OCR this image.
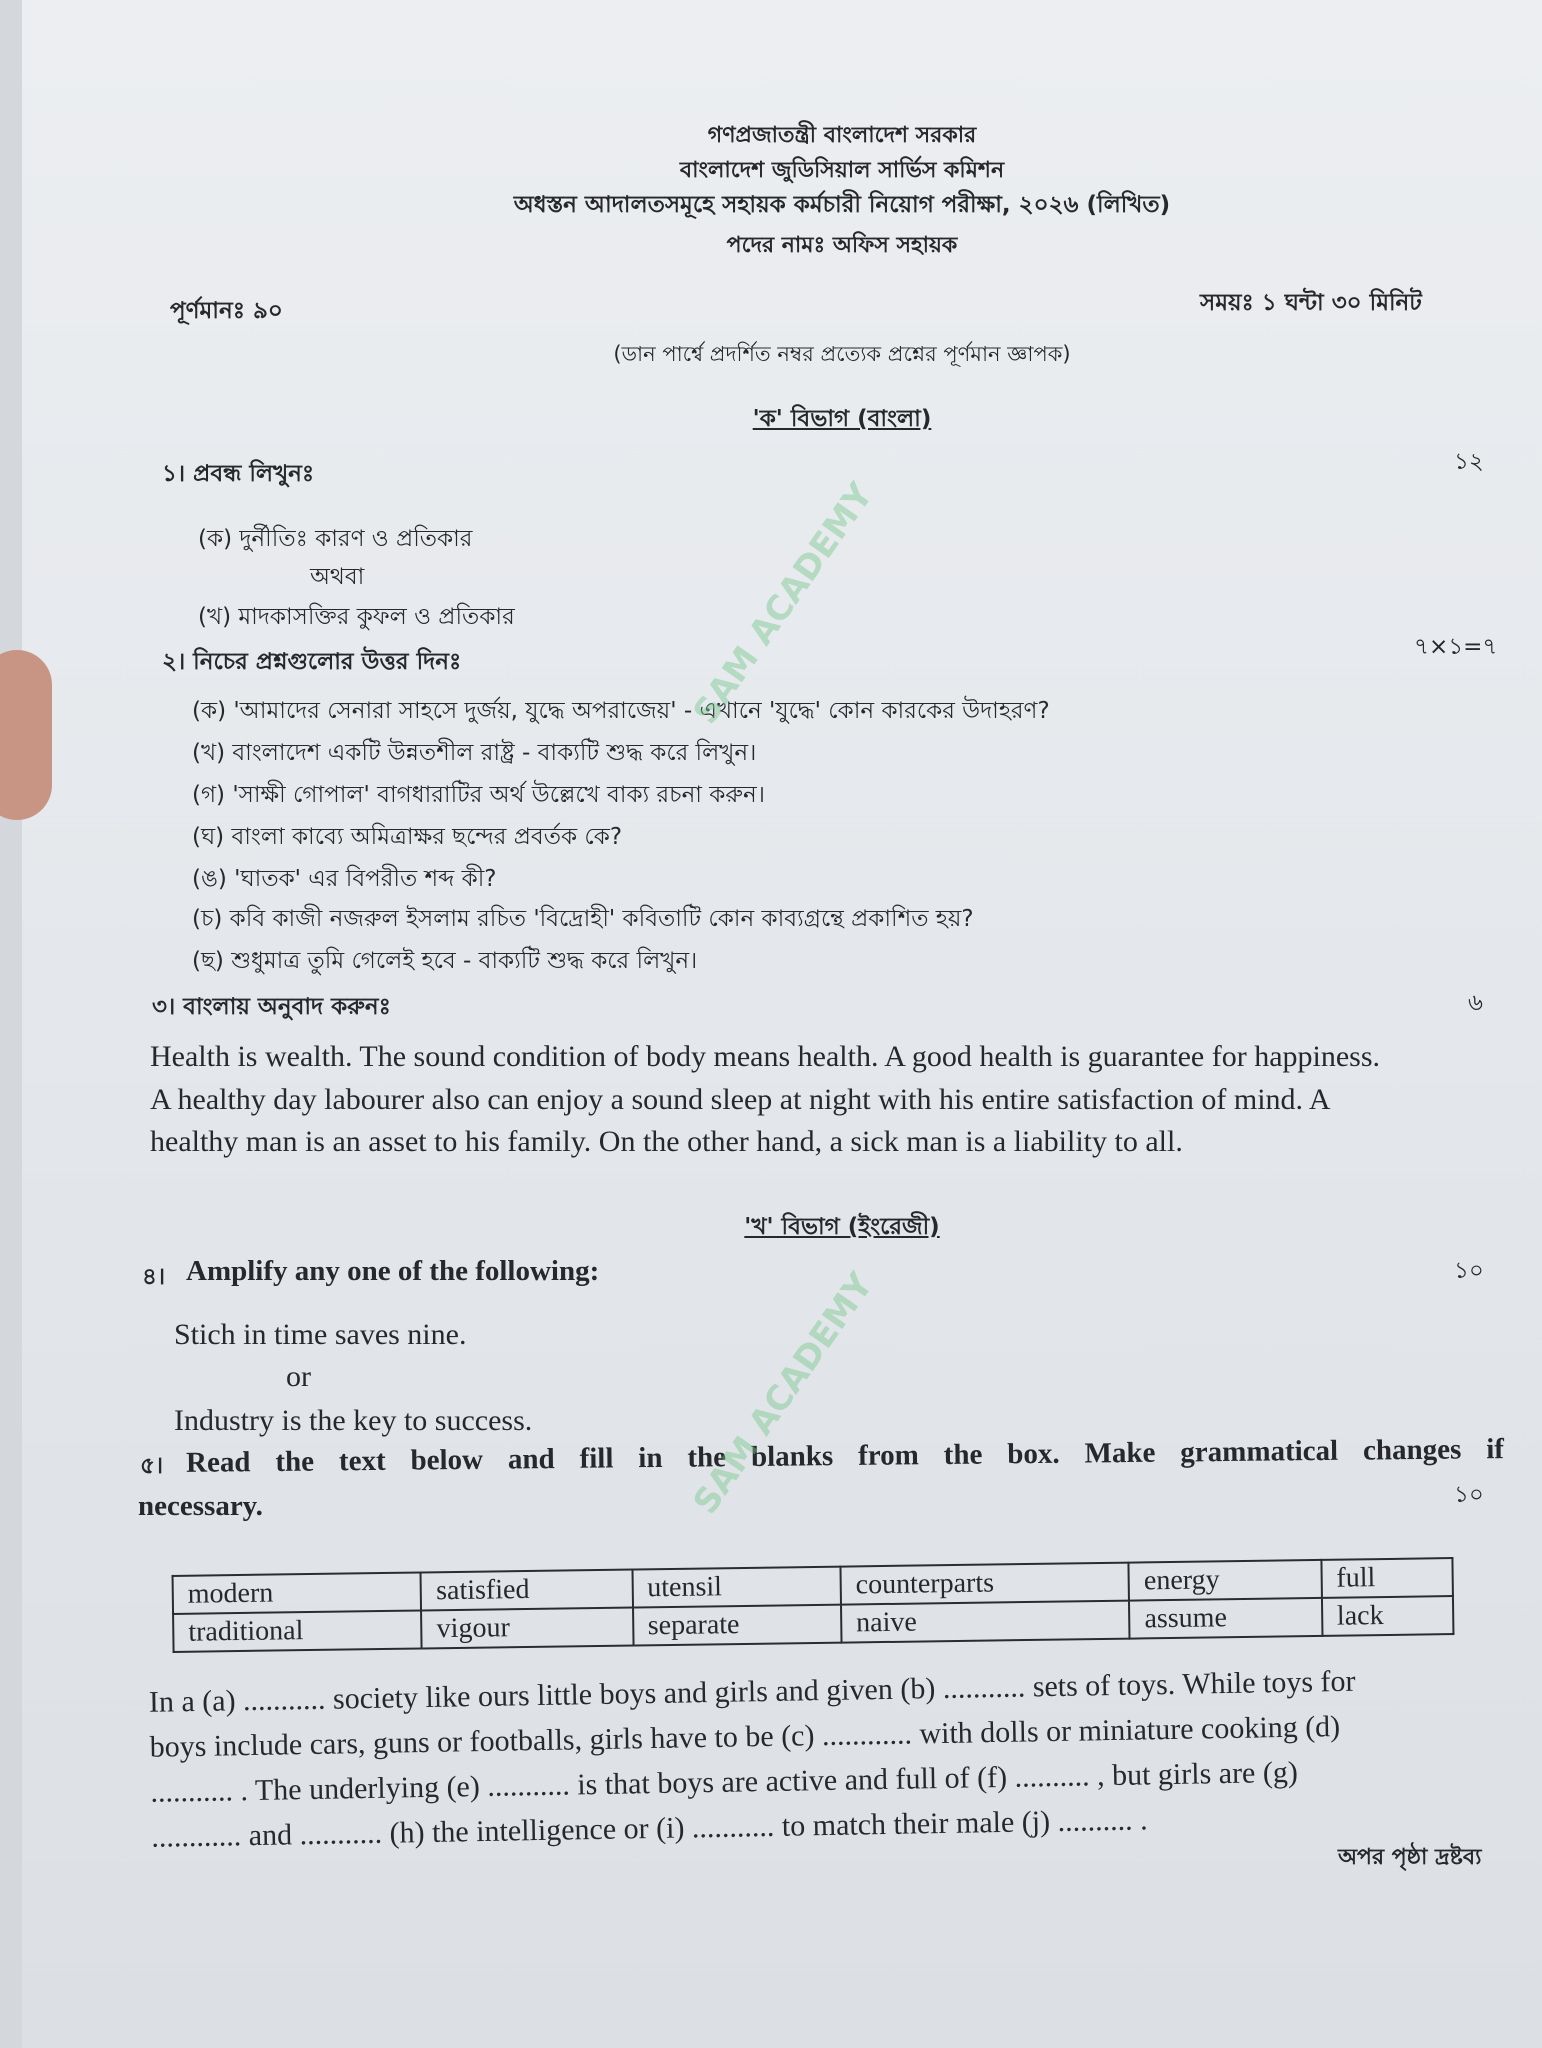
গণপ্রজাতন্ত্রী বাংলাদেশ সরকার

বাংলাদেশ জুডিসিয়াল সার্ভিস কমিশন

অধস্তন আদালতসমূহে সহায়ক কর্মচারী নিয়োগ পরীক্ষা, ২০২৬ (লিখিত)

পদের নামঃ অফিস সহায়ক

পূর্ণমানঃ ৯০	সময়ঃ ১ ঘন্টা ৩০ মিনিট

(ডান পার্শ্বে প্রদর্শিত নম্বর প্রত্যেক প্রশ্নের পূর্ণমান জ্ঞাপক)

'ক' বিভাগ (বাংলা)

১। প্রবন্ধ লিখুনঃ	১২

(ক) দুর্নীতিঃ কারণ ও প্রতিকার

অথবা

(খ) মাদকাসক্তির কুফল ও প্রতিকার

২। নিচের প্রশ্নগুলোর উত্তর দিনঃ

৭×১=৭

(ক) 'আমাদের সেনারা সাহসে দুর্জয়, যুদ্ধে অপরাজেয়' - এখানে 'যুদ্ধে' কোন কারকের উদাহরণ?

(খ) বাংলাদেশ একটি উন্নতশীল রাষ্ট্র - বাক্যটি শুদ্ধ করে লিখুন।

(গ) 'সাক্ষী গোপাল' বাগধারাটির অর্থ উল্লেখে বাক্য রচনা করুন।

(ঘ) বাংলা কাব্যে অমিত্রাক্ষর ছন্দের প্রবর্তক কে?

(ঙ) 'ঘাতক' এর বিপরীত শব্দ কী?

(চ) কবি কাজী নজরুল ইসলাম রচিত 'বিদ্রোহী' কবিতাটি কোন কাব্যগ্রন্থে প্রকাশিত হয়?

(ছ) শুধুমাত্র তুমি গেলেই হবে - বাক্যটি শুদ্ধ করে লিখুন।

৩। বাংলায় অনুবাদ করুনঃ	৬

Health is wealth. The sound condition of body means health. A good health is guarantee for happiness.

A healthy day labourer also can enjoy a sound sleep at night with his entire satisfaction of mind. A

healthy man is an asset to his family. On the other hand, a sick man is a liability to all.

'খ' বিভাগ (ইংরেজী)

৪। Amplify any one of the following:	১০

Stich in time saves nine.

or

Industry is the key to success.

৫। Read the text below and fill in the blanks from the box. Make grammatical changes if

necessary.	১০

modern	satisfied	utensil	counterparts	energy	full
traditional	vigour	separate	naive	assume	lack
In a (a) ........... society like ours little boys and girls and given (b) ........... sets of toys. While toys for
boys include cars, guns or footballs, girls have to be (c) ............ with dolls or miniature cooking (d)
........... . The underlying (e) ........... is that boys are active and full of (f) .......... , but girls are (g)
............ and ........... (h) the intelligence or (i) ........... to match their male (j) .......... .

অপর পৃষ্ঠা দ্রষ্টব্য

SAM ACADEMY
SAM ACADEMY
